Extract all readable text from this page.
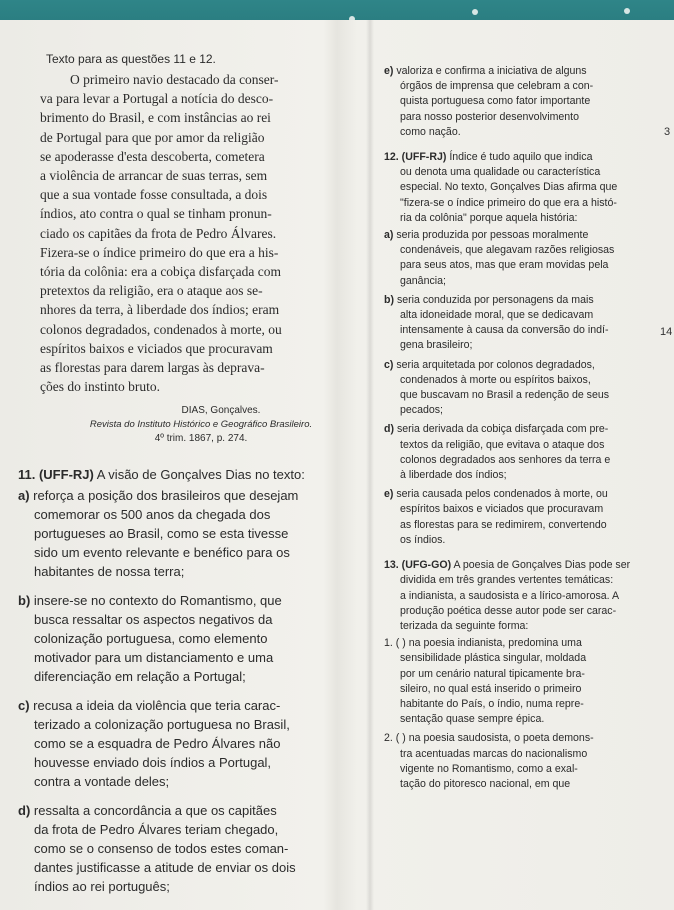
Texto para as questões 11 e 12.

O primeiro navio destacado da conser-

va para levar a Portugal a notícia do desco-

brimento do Brasil, e com instâncias ao rei

de Portugal para que por amor da religião

se apoderasse d'esta descoberta, cometera

a violência de arrancar de suas terras, sem

que a sua vontade fosse consultada, a dois

índios, ato contra o qual se tinham pronun-

ciado os capitães da frota de Pedro Álvares.

Fizera-se o índice primeiro do que era a his-

tória da colônia: era a cobiça disfarçada com

pretextos da religião, era o ataque aos se-

nhores da terra, à liberdade dos índios; eram

colonos degradados, condenados à morte, ou

espíritos baixos e viciados que procuravam

as florestas para darem largas às deprava-

ções do instinto bruto.

DIAS, Gonçalves.

Revista do Instituto Histórico e Geográfico Brasileiro.

4º trim. 1867, p. 274.

11. (UFF-RJ) A visão de Gonçalves Dias no texto:

a) reforça a posição dos brasileiros que desejam

comemorar os 500 anos da chegada dos

portugueses ao Brasil, como se esta tivesse

sido um evento relevante e benéfico para os

habitantes de nossa terra;

b) insere-se no contexto do Romantismo, que

busca ressaltar os aspectos negativos da

colonização portuguesa, como elemento

motivador para um distanciamento e uma

diferenciação em relação a Portugal;

c) recusa a ideia da violência que teria carac-

terizado a colonização portuguesa no Brasil,

como se a esquadra de Pedro Álvares não

houvesse enviado dois índios a Portugal,

contra a vontade deles;

d) ressalta a concordância a que os capitães

da frota de Pedro Álvares teriam chegado,

como se o consenso de todos estes coman-

dantes justificasse a atitude de enviar os dois

índios ao rei português;

e) valoriza e confirma a iniciativa de alguns

órgãos de imprensa que celebram a con-

quista portuguesa como fator importante

para nosso posterior desenvolvimento

como nação.

12. (UFF-RJ) Índice é tudo aquilo que indica

ou denota uma qualidade ou característica

especial. No texto, Gonçalves Dias afirma que

"fizera-se o índice primeiro do que era a histó-

ria da colônia" porque aquela história:

a) seria produzida por pessoas moralmente

condenáveis, que alegavam razões religiosas

para seus atos, mas que eram movidas pela

ganância;

b) seria conduzida por personagens da mais

alta idoneidade moral, que se dedicavam

intensamente à causa da conversão do indí-

gena brasileiro;

c) seria arquitetada por colonos degradados,

condenados à morte ou espíritos baixos,

que buscavam no Brasil a redenção de seus

pecados;

d) seria derivada da cobiça disfarçada com pre-

textos da religião, que evitava o ataque dos

colonos degradados aos senhores da terra e

à liberdade dos índios;

e) seria causada pelos condenados à morte, ou

espíritos baixos e viciados que procuravam

as florestas para se redimirem, convertendo

os índios.

13. (UFG-GO) A poesia de Gonçalves Dias pode ser

dividida em três grandes vertentes temáticas:

a indianista, a saudosista e a lírico-amorosa. A

produção poética desse autor pode ser carac-

terizada da seguinte forma:

1. ( ) na poesia indianista, predomina uma

sensibilidade plástica singular, moldada

por um cenário natural tipicamente bra-

sileiro, no qual está inserido o primeiro

habitante do País, o índio, numa repre-

sentação quase sempre épica.

2. ( ) na poesia saudosista, o poeta demons-

tra acentuadas marcas do nacionalismo

vigente no Romantismo, como a exal-

tação do pitoresco nacional, em que

3
14
